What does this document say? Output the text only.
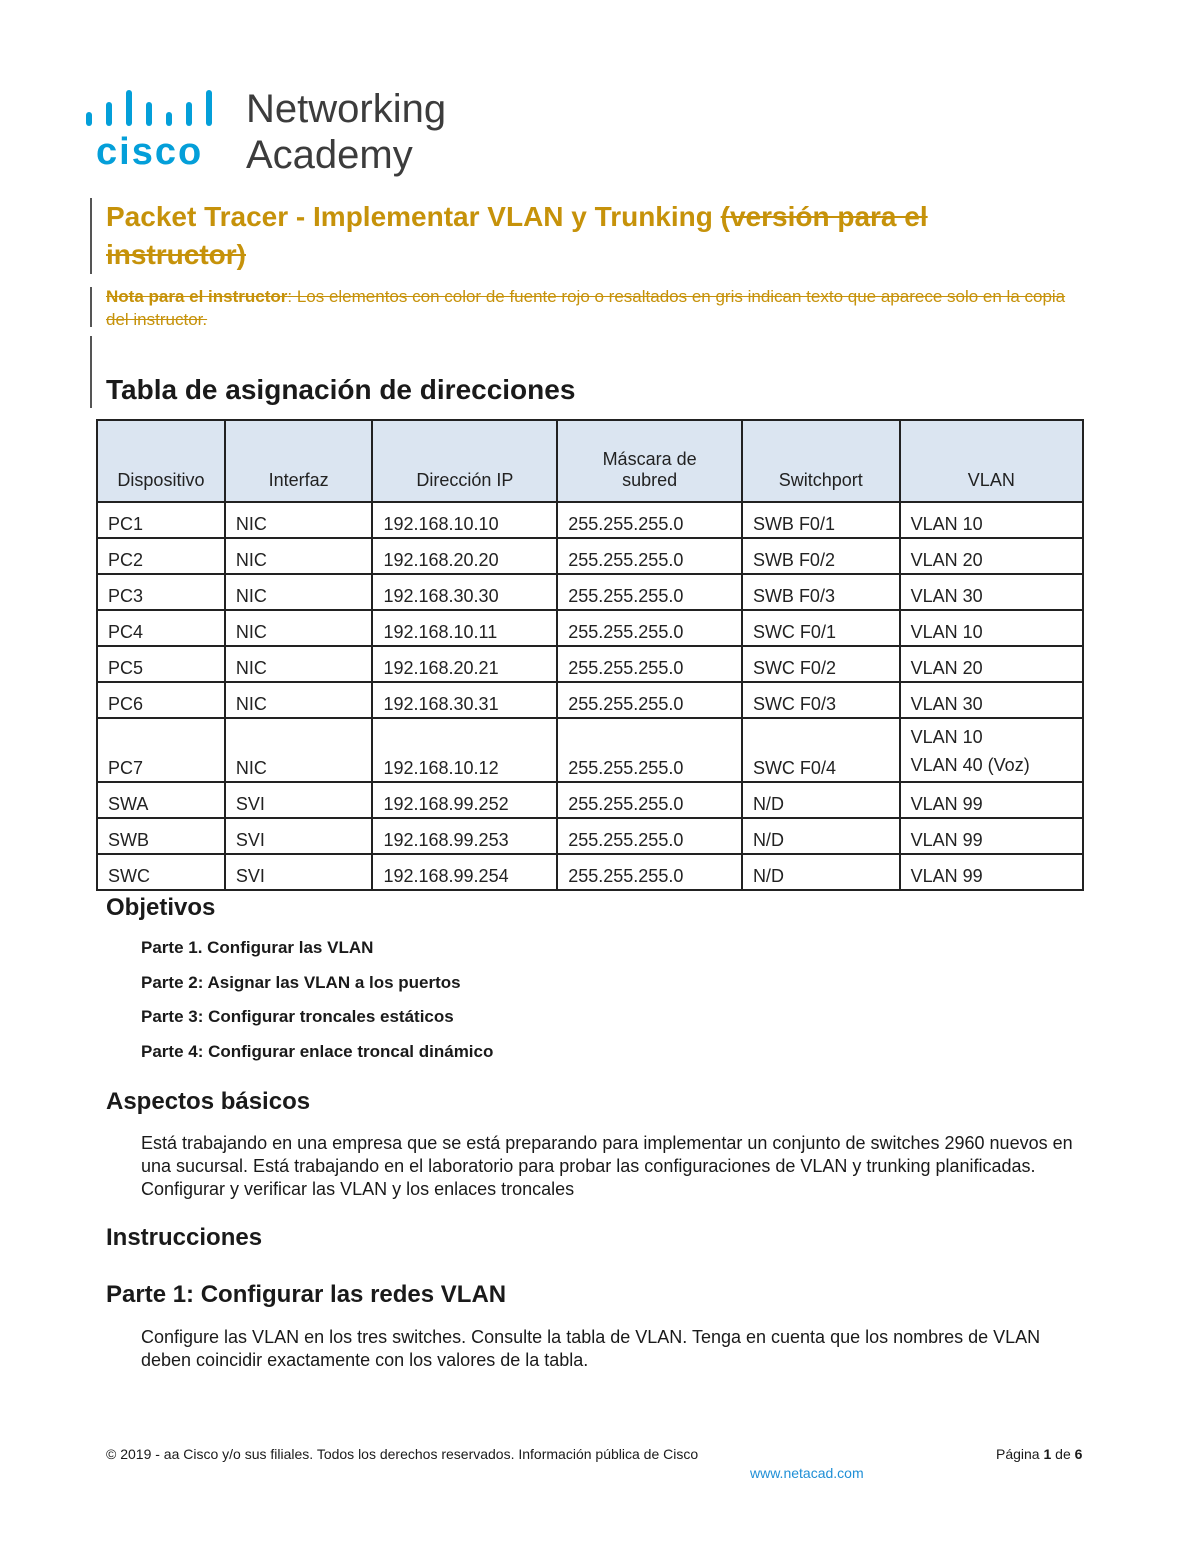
cisco
Networking
Academy
Packet Tracer - Implementar VLAN y Trunking (versión para el instructor)
Nota para el instructor: Los elementos con color de fuente rojo o resaltados en gris indican texto que aparece solo en la copia del instructor.
Tabla de asignación de direcciones
Dispositivo	Interfaz	Dirección IP	Máscara de subred	Switchport	VLAN
PC1	NIC	192.168.10.10	255.255.255.0	SWB F0/1	VLAN 10
PC2	NIC	192.168.20.20	255.255.255.0	SWB F0/2	VLAN 20
PC3	NIC	192.168.30.30	255.255.255.0	SWB F0/3	VLAN 30
PC4	NIC	192.168.10.11	255.255.255.0	SWC F0/1	VLAN 10
PC5	NIC	192.168.20.21	255.255.255.0	SWC F0/2	VLAN 20
PC6	NIC	192.168.30.31	255.255.255.0	SWC F0/3	VLAN 30
PC7	NIC	192.168.10.12	255.255.255.0	SWC F0/4	VLAN 10
VLAN 40 (Voz)

SWA	SVI	192.168.99.252	255.255.255.0	N/D	VLAN 99
SWB	SVI	192.168.99.253	255.255.255.0	N/D	VLAN 99
SWC	SVI	192.168.99.254	255.255.255.0	N/D	VLAN 99
Objetivos
Parte 1. Configurar las VLAN
Parte 2: Asignar las VLAN a los puertos
Parte 3: Configurar troncales estáticos
Parte 4: Configurar enlace troncal dinámico
Aspectos básicos

Está trabajando en una empresa que se está preparando para implementar un conjunto de switches 2960 nuevos en una sucursal. Está trabajando en el laboratorio para probar las configuraciones de VLAN y trunking planificadas. Configurar y verificar las VLAN y los enlaces troncales

Instrucciones
Parte 1: Configurar las redes VLAN

Configure las VLAN en los tres switches. Consulte la tabla de VLAN. Tenga en cuenta que los nombres de VLAN deben coincidir exactamente con los valores de la tabla.

© 2019 - aa Cisco y/o sus filiales. Todos los derechos reservados. Información pública de Cisco	Página 1 de 6
www.netacad.com
